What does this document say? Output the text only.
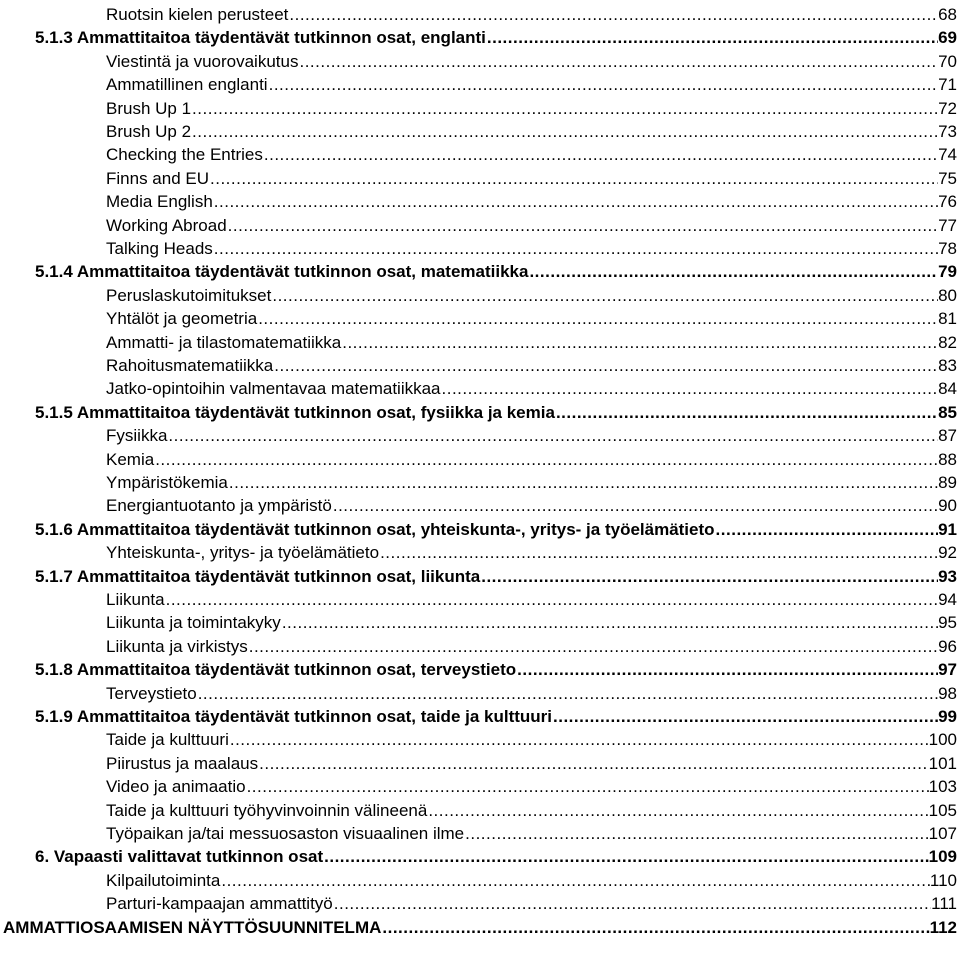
Ruotsin kielen perusteet .....	68
5.1.3 Ammattitaitoa täydentävät tutkinnon osat, englanti .....	69
Viestintä ja vuorovaikutus .....	70
Ammatillinen englanti .....	71
Brush Up 1 .....	72
Brush Up 2 .....	73
Checking the Entries .....	74
Finns and EU .....	75
Media English .....	76
Working Abroad .....	77
Talking Heads .....	78
5.1.4 Ammattitaitoa täydentävät tutkinnon osat, matematiikka .....	79
Peruslaskutoimitukset .....	80
Yhtälöt ja geometria .....	81
Ammatti- ja tilastomatematiikka .....	82
Rahoitusmatematiikka .....	83
Jatko-opintoihin valmentavaa matematiikkaa .....	84
5.1.5 Ammattitaitoa täydentävät tutkinnon osat, fysiikka ja kemia .....	85
Fysiikka .....	87
Kemia .....	88
Ympäristökemia .....	89
Energiantuotanto ja ympäristö .....	90
5.1.6 Ammattitaitoa täydentävät tutkinnon osat, yhteiskunta-, yritys- ja työelämätieto .....	91
Yhteiskunta-, yritys- ja työelämätieto .....	92
5.1.7 Ammattitaitoa täydentävät tutkinnon osat, liikunta .....	93
Liikunta .....	94
Liikunta ja toimintakyky .....	95
Liikunta ja virkistys .....	96
5.1.8 Ammattitaitoa täydentävät tutkinnon osat, terveystieto .....	97
Terveystieto .....	98
5.1.9 Ammattitaitoa täydentävät tutkinnon osat, taide ja kulttuuri .....	99
Taide ja kulttuuri .....	100
Piirustus ja maalaus .....	101
Video ja animaatio .....	103
Taide ja kulttuuri työhyvinvoinnin välineenä .....	105
Työpaikan ja/tai messuosaston visuaalinen ilme .....	107
6. Vapaasti valittavat tutkinnon osat .....	109
Kilpailutoiminta .....	110
Parturi-kampaajan ammattityö .....	111
AMMATTIOSAAMISEN NÄYTTÖSUUNNITELMA .....	112
